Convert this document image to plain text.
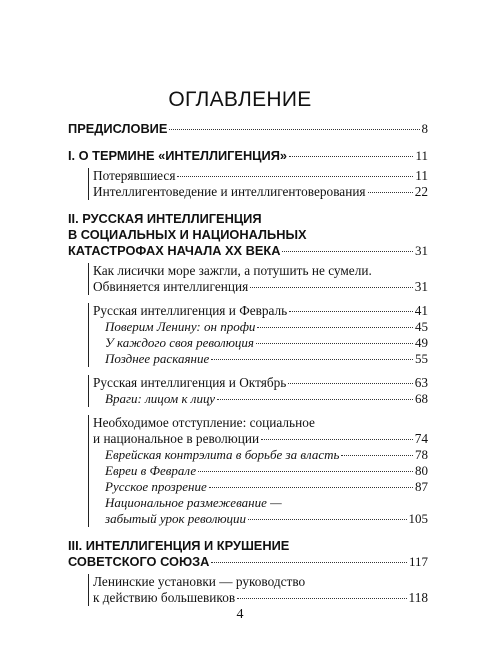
ОГЛАВЛЕНИЕ
ПРЕДИСЛОВИЕ	8
I. О ТЕРМИНЕ «ИНТЕЛЛИГЕНЦИЯ»	11
Потерявшиеся	11
Интеллигентоведение и интеллигентоверования	22
II. РУССКАЯ ИНТЕЛЛИГЕНЦИЯ
В СОЦИАЛЬНЫХ И НАЦИОНАЛЬНЫХ
КАТАСТРОФАХ НАЧАЛА XX ВЕКА	31
Как лисички море зажгли, а потушить не сумели.
Обвиняется интеллигенция	31
Русская интеллигенция и Февраль	41
Поверим Ленину: он профи	45
У каждого своя революция	49
Позднее раскаяние	55
Русская интеллигенция и Октябрь	63
Враги: лицом к лицу	68
Необходимое отступление: социальное
и национальное в революции	74
Еврейская контрэлита в борьбе за власть	78
Евреи в Феврале	80
Русское прозрение	87
Национальное размежевание —
забытый урок революции	105
III. ИНТЕЛЛИГЕНЦИЯ И КРУШЕНИЕ
СОВЕТСКОГО СОЮЗА	117
Ленинские установки — руководство
к действию большевиков	118
4
